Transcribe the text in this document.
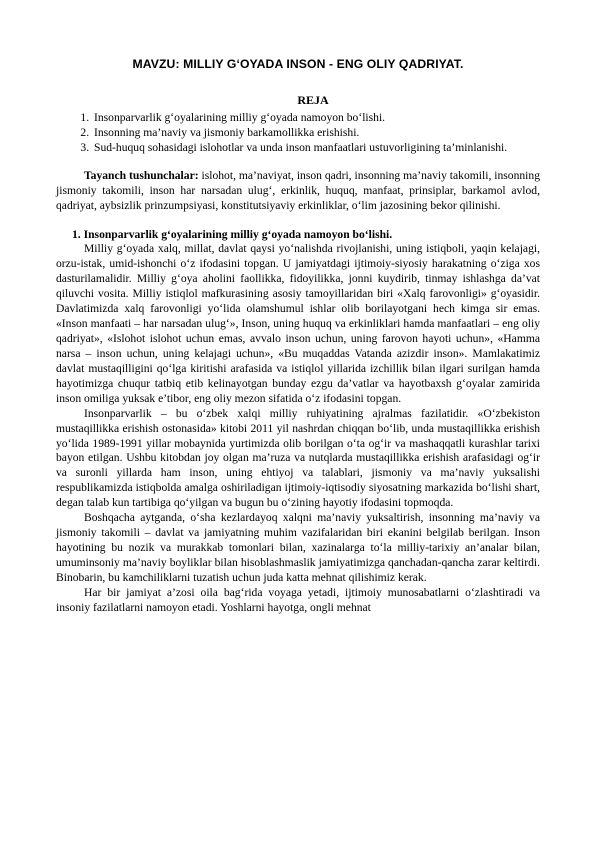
MAVZU: MILLIY G‘OYADA INSON - ENG OLIY QADRIYAT.
REJA
1. Insonparvarlik g‘oyalarining milliy g‘oyada namoyon bo‘lishi.
2. Insonning ma’naviy va jismoniy barkamollikka erishishi.
3. Sud-huquq sohasidagi islohotlar va unda inson manfaatlari ustuvorligining ta’minlanishi.

Tayanch tushunchalar: islohot, ma’naviyat, inson qadri, insonning ma’naviy takomili, insonning jismoniy takomili, inson har narsadan ulug‘, erkinlik, huquq, manfaat, prinsiplar, barkamol avlod, qadriyat, aybsizlik prinzumpsiyasi, konstitutsiyaviy erkinliklar, o‘lim jazosining bekor qilinishi.

1. Insonparvarlik g‘oyalarining milliy g‘oyada namoyon bo‘lishi.

Milliy g‘oyada xalq, millat, davlat qaysi yo‘nalishda rivojlanishi, uning istiqboli, yaqin kelajagi, orzu-istak, umid-ishonchi o‘z ifodasini topgan. U jamiyatdagi ijtimoiy-siyosiy harakatning o‘ziga xos dasturilamalidir. Milliy g‘oya aholini faollikka, fidoyilikka, jonni kuydirib, tinmay ishlashga da’vat qiluvchi vosita. Milliy istiqlol mafkurasining asosiy tamoyillaridan biri «Xalq farovonligi» g‘oyasidir. Davlatimizda xalq farovonligi yo‘lida olamshumul ishlar olib borilayotgani hech kimga sir emas. «Inson manfaati – har narsadan ulug‘», Inson, uning huquq va erkinliklari hamda manfaatlari – eng oliy qadriyat», «Islohot islohot uchun emas, avvalo inson uchun, uning farovon hayoti uchun», «Hamma narsa – inson uchun, uning kelajagi uchun», «Bu muqaddas Vatanda azizdir inson». Mamlakatimiz davlat mustaqilligini qo‘lga kiritishi arafasida va istiqlol yillarida izchillik bilan ilgari surilgan hamda hayotimizga chuqur tatbiq etib kelinayotgan bunday ezgu da’vatlar va hayotbaxsh g‘oyalar zamirida inson omiliga yuksak e’tibor, eng oliy mezon sifatida o‘z ifodasini topgan.

Insonparvarlik – bu o‘zbek xalqi milliy ruhiyatining ajralmas fazilatidir. «O‘zbekiston mustaqillikka erishish ostonasida» kitobi 2011 yil nashrdan chiqqan bo‘lib, unda mustaqillikka erishish yo‘lida 1989-1991 yillar mobaynida yurtimizda olib borilgan o‘ta og‘ir va mashaqqatli kurashlar tarixi bayon etilgan. Ushbu kitobdan joy olgan ma’ruza va nutqlarda mustaqillikka erishish arafasidagi og‘ir va suronli yillarda ham inson, uning ehtiyoj va talablari, jismoniy va ma’naviy yuksalishi respublikamizda istiqbolda amalga oshiriladigan ijtimoiy-iqtisodiy siyosatning markazida bo‘lishi shart, degan talab kun tartibiga qo‘yilgan va bugun bu o‘zining hayotiy ifodasini topmoqda.

Boshqacha aytganda, o‘sha kezlardayoq xalqni ma’naviy yuksaltirish, insonning ma’naviy va jismoniy takomili – davlat va jamiyatning muhim vazifalaridan biri ekanini belgilab berilgan. Inson hayotining bu nozik va murakkab tomonlari bilan, xazinalarga to‘la milliy-tarixiy an’analar bilan, umuminsoniy ma’naviy boyliklar bilan hisoblashmaslik jamiyatimizga qanchadan-qancha zarar keltirdi. Binobarin, bu kamchiliklarni tuzatish uchun juda katta mehnat qilishimiz kerak.

Har bir jamiyat a’zosi oila bag‘rida voyaga yetadi, ijtimoiy munosabatlarni o‘zlashtiradi va insoniy fazilatlarni namoyon etadi. Yoshlarni hayotga, ongli mehnat
